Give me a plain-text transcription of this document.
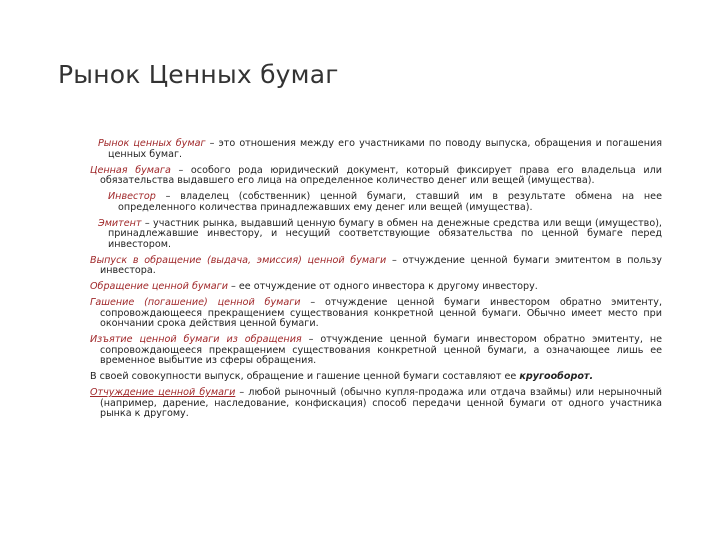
Рынок Ценных бумаг

Рынок ценных бумаг – это отношения между его участниками по поводу выпуска, обращения и погашения ценных бумаг.

Ценная бумага – особого рода юридический документ, который фиксирует права его владельца или обязательства выдавшего его лица на определенное количество денег или вещей (имущества).

Инвестор – владелец (собственник) ценной бумаги, ставший им в результате обмена на нее определенного количества принадлежавших ему денег или вещей (имущества).

Эмитент – участник рынка, выдавший ценную бумагу в обмен на денежные средства или вещи (имущество), принадлежавшие инвестору, и несущий соответствующие обязательства по ценной бумаге перед инвестором.

Выпуск в обращение (выдача, эмиссия) ценной бумаги – отчуждение ценной бумаги эмитентом в пользу инвестора.

Обращение ценной бумаги – ее отчуждение от одного инвестора к другому инвестору.

Гашение (погашение) ценной бумаги – отчуждение ценной бумаги инвестором обратно эмитенту, сопровождающееся прекращением существования конкретной ценной бумаги. Обычно имеет место при окончании срока действия ценной бумаги.

Изъятие ценной бумаги из обращения – отчуждение ценной бумаги инвестором обратно эмитенту, не сопровождающееся прекращением существования конкретной ценной бумаги, а означающее лишь ее временное выбытие из сферы обращения.

В своей совокупности выпуск, обращение и гашение ценной бумаги составляют ее кругооборот.

Отчуждение ценной бумаги – любой рыночный (обычно купля-продажа или отдача взаймы) или нерыночный (например, дарение, наследование, конфискация) способ передачи ценной бумаги от одного участника рынка к другому.
